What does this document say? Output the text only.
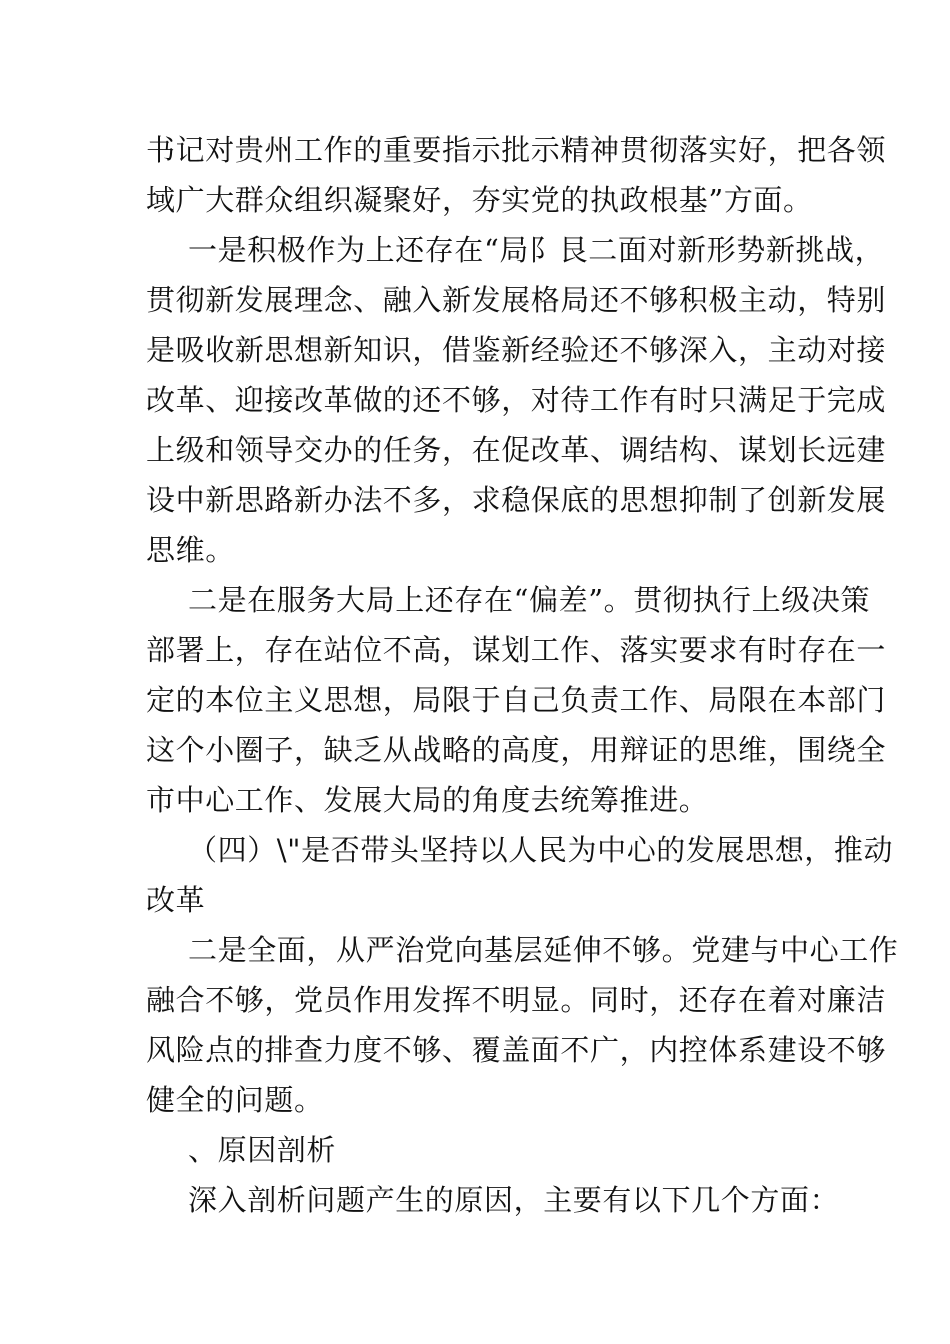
书记对贵州工作的重要指示批示精神贯彻落实好，把各领
域广大群众组织凝聚好，夯实党的执政根基”方面。
一是积极作为上还存在“局阝艮二面对新形势新挑战，
贯彻新发展理念、融入新发展格局还不够积极主动，特别
是吸收新思想新知识，借鉴新经验还不够深入，主动对接
改革、迎接改革做的还不够，对待工作有时只满足于完成
上级和领导交办的任务，在促改革、调结构、谋划长远建
设中新思路新办法不多，求稳保底的思想抑制了创新发展
思维。
二是在服务大局上还存在“偏差”。贯彻执行上级决策
部署上，存在站位不高，谋划工作、落实要求有时存在一
定的本位主义思想，局限于自己负责工作、局限在本部门
这个小圈子，缺乏从战略的高度，用辩证的思维，围绕全
市中心工作、发展大局的角度去统筹推进。
（四）\"是否带头坚持以人民为中心的发展思想，推动
改革
二是全面，从严治党向基层延伸不够。党建与中心工作
融合不够，党员作用发挥不明显。同时，还存在着对廉洁
风险点的排查力度不够、覆盖面不广，内控体系建设不够
健全的问题。
、原因剖析
深入剖析问题产生的原因，主要有以下几个方面：
